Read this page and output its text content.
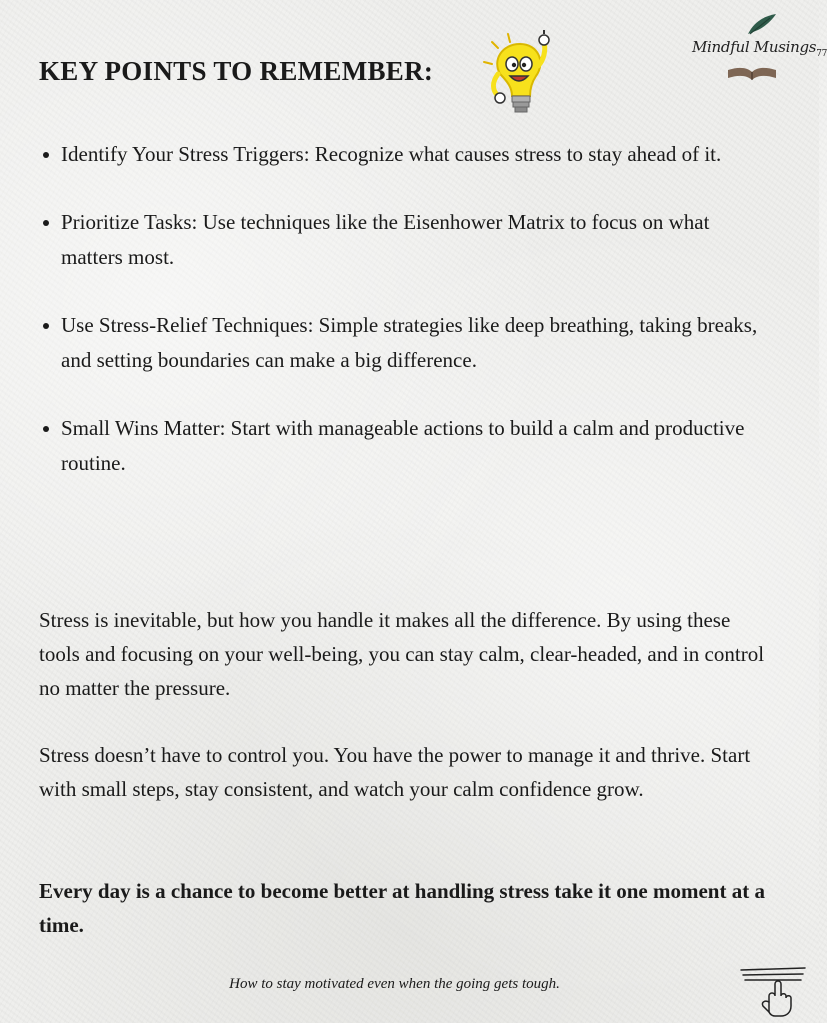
KEY POINTS TO REMEMBER:
Mindful Musings$_{77}$
Identify Your Stress Triggers: Recognize what causes stress to stay ahead of it.
Prioritize Tasks: Use techniques like the Eisenhower Matrix to focus on what matters most.
Use Stress-Relief Techniques: Simple strategies like deep breathing, taking breaks, and setting boundaries can make a big difference.
Small Wins Matter: Start with manageable actions to build a calm and productive routine.

Stress is inevitable, but how you handle it makes all the difference. By using these tools and focusing on your well-being, you can stay calm, clear-headed, and in control no matter the pressure.

Stress doesn’t have to control you. You have the power to manage it and thrive. Start with small steps, stay consistent, and watch your calm confidence grow.

Every day is a chance to become better at handling stress take it one moment at a time.

How to stay motivated even when the going gets tough.
